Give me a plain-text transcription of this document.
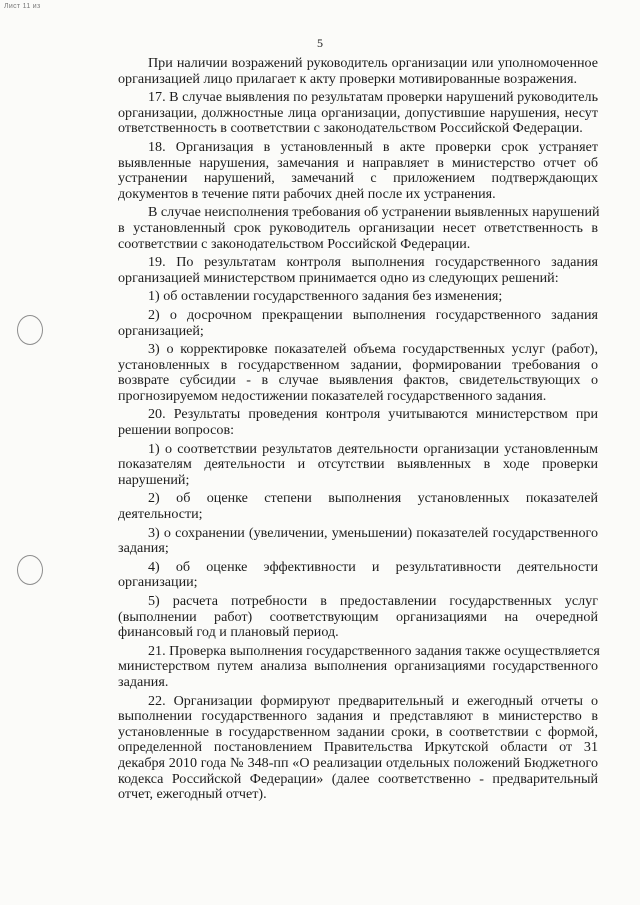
Лист 11 из
5
При наличии возражений руководитель организации или уполномоченное
организацией лицо прилагает к акту проверки мотивированные возражения.
17. В случае выявления по результатам проверки нарушений руководитель
организации, должностные лица организации, допустившие нарушения, несут
ответственность в соответствии с законодательством Российской Федерации.
18. Организация в установленный в акте проверки срок устраняет
выявленные нарушения, замечания и направляет в министерство отчет об
устранении нарушений, замечаний с приложением подтверждающих
документов в течение пяти рабочих дней после их устранения.
В случае неисполнения требования об устранении выявленных нарушений
в установленный срок руководитель организации несет ответственность в
соответствии с законодательством Российской Федерации.
19. По результатам контроля выполнения государственного задания
организацией министерством принимается одно из следующих решений:
1) об оставлении государственного задания без изменения;
2) о досрочном прекращении выполнения государственного задания
организацией;
3) о корректировке показателей объема государственных услуг (работ),
установленных в государственном задании, формировании требования о
возврате субсидии - в случае выявления фактов, свидетельствующих о
прогнозируемом недостижении показателей государственного задания.
20. Результаты проведения контроля учитываются министерством при
решении вопросов:
1) о соответствии результатов деятельности организации установленным
показателям деятельности и отсутствии выявленных в ходе проверки
нарушений;
2) об оценке степени выполнения установленных показателей
деятельности;
3) о сохранении (увеличении, уменьшении) показателей государственного
задания;
4) об оценке эффективности и результативности деятельности
организации;
5) расчета потребности в предоставлении государственных услуг
(выполнении работ) соответствующим организациями на очередной
финансовый год и плановый период.
21. Проверка выполнения государственного задания также осуществляется
министерством путем анализа выполнения организациями государственного
задания.
22. Организации формируют предварительный и ежегодный отчеты о
выполнении государственного задания и представляют в министерство в
установленные в государственном задании сроки, в соответствии с формой,
определенной постановлением Правительства Иркутской области от 31
декабря 2010 года № 348-пп «О реализации отдельных положений Бюджетного
кодекса Российской Федерации» (далее соответственно - предварительный
отчет, ежегодный отчет).
